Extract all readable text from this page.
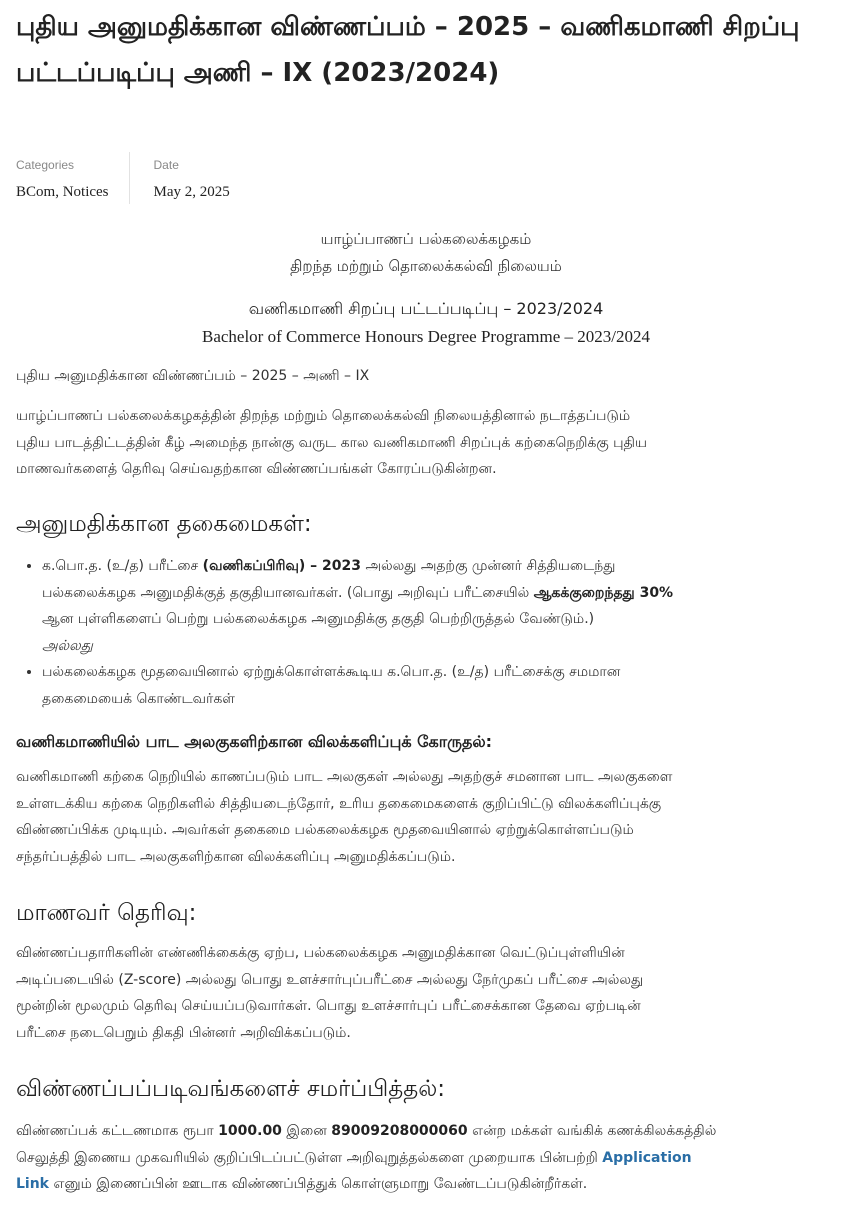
புதிய அனுமதிக்கான விண்ணப்பம் – 2025 – வணிகமாணி சிறப்பு பட்டப்படிப்பு அணி – IX (2023/2024)
Categories
BCom, Notices
Date
May 2, 2025
யாழ்ப்பாணப் பல்கலைக்கழகம்
திறந்த மற்றும் தொலைக்கல்வி நிலையம்
வணிகமாணி சிறப்பு பட்டப்படிப்பு – 2023/2024
Bachelor of Commerce Honours Degree Programme – 2023/2024
புதிய அனுமதிக்கான விண்ணப்பம் – 2025 – அணி – IX

யாழ்ப்பாணப் பல்கலைக்கழகத்தின் திறந்த மற்றும் தொலைக்கல்வி நிலையத்தினால் நடாத்தப்படும்

புதிய பாடத்திட்டத்தின் கீழ் அமைந்த நான்கு வருட கால வணிகமாணி சிறப்புக் கற்கைநெறிக்கு புதிய

மாணவர்களைத் தெரிவு செய்வதற்கான விண்ணப்பங்கள் கோரப்படுகின்றன.

அனுமதிக்கான தகைமைகள்:
• க.பொ.த. (உ/த) பரீட்சை (வணிகப்பிரிவு) – 2023 அல்லது அதற்கு முன்னர் சித்தியடைந்து
பல்கலைக்கழக அனுமதிக்குத் தகுதியானவர்கள். (பொது அறிவுப் பரீட்சையில் ஆகக்குறைந்தது 30%
ஆன புள்ளிகளைப் பெற்று பல்கலைக்கழக அனுமதிக்கு தகுதி பெற்றிருத்தல் வேண்டும்.)
அல்லது
• பல்கலைக்கழக மூதவையினால் ஏற்றுக்கொள்ளக்கூடிய க.பொ.த. (உ/த) பரீட்சைக்கு சமமான
தகைமையைக் கொண்டவர்கள்
வணிகமாணியில் பாட அலகுகளிற்கான விலக்களிப்புக் கோருதல்:

வணிகமாணி கற்கை நெறியில் காணப்படும் பாட அலகுகள் அல்லது அதற்குச் சமனான பாட அலகுகளை

உள்ளடக்கிய கற்கை நெறிகளில் சித்தியடைந்தோர், உரிய தகைமைகளைக் குறிப்பிட்டு விலக்களிப்புக்கு

விண்ணப்பிக்க முடியும். அவர்கள் தகைமை பல்கலைக்கழக மூதவையினால் ஏற்றுக்கொள்ளப்படும்

சந்தர்ப்பத்தில் பாட அலகுகளிற்கான விலக்களிப்பு அனுமதிக்கப்படும்.

மாணவர் தெரிவு:

விண்ணப்பதாரிகளின் எண்ணிக்கைக்கு ஏற்ப, பல்கலைக்கழக அனுமதிக்கான வெட்டுப்புள்ளியின்

அடிப்படையில் (Z-score) அல்லது பொது உளச்சார்புப்பரீட்சை அல்லது நேர்முகப் பரீட்சை அல்லது

மூன்றின் மூலமும் தெரிவு செய்யப்படுவார்கள். பொது உளச்சார்புப் பரீட்சைக்கான தேவை ஏற்படின்

பரீட்சை நடைபெறும் திகதி பின்னர் அறிவிக்கப்படும்.

விண்ணப்பப்படிவங்களைச் சமர்ப்பித்தல்:

விண்ணப்பக் கட்டணமாக ரூபா 1000.00 இனை 89009208000060 என்ற மக்கள் வங்கிக் கணக்கிலக்கத்தில்

செலுத்தி இணைய முகவரியில் குறிப்பிடப்பட்டுள்ள அறிவுறுத்தல்களை முறையாக பின்பற்றி Application

Link எனும் இணைப்பின் ஊடாக விண்ணப்பித்துக் கொள்ளுமாறு வேண்டப்படுகின்றீர்கள்.
